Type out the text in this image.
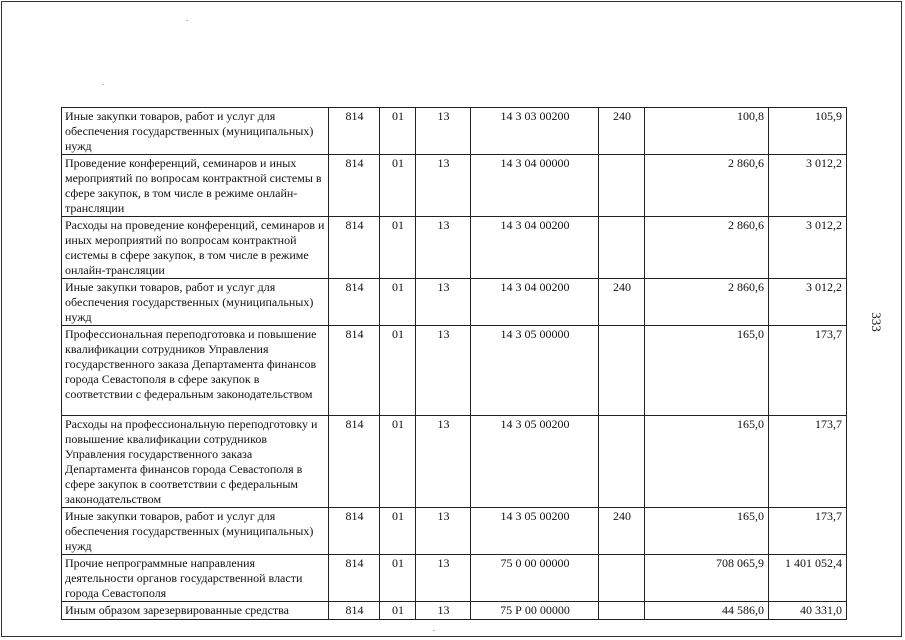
Иные закупки товаров, работ и услуг для обеспечения государственных (муниципальных) нужд	814	01	13	14 3 03 00200	240	100,8	105,9
Проведение конференций, семинаров и иных мероприятий по вопросам контрактной системы в сфере закупок, в том числе в режиме онлайн-трансляции	814	01	13	14 3 04 00000		2 860,6	3 012,2
Расходы на проведение конференций, семинаров и иных мероприятий по вопросам контрактной системы в сфере закупок, в том числе в режиме онлайн-трансляции	814	01	13	14 3 04 00200		2 860,6	3 012,2
Иные закупки товаров, работ и услуг для обеспечения государственных (муниципальных) нужд	814	01	13	14 3 04 00200	240	2 860,6	3 012,2
Профессиональная переподготовка и повышение квалификации сотрудников Управления государственного заказа Департамента финансов города Севастополя в сфере закупок в соответствии с федеральным законодательством	814	01	13	14 3 05 00000		165,0	173,7
Расходы на профессиональную переподготовку и повышение квалификации сотрудников Управления государственного заказа Департамента финансов города Севастополя в сфере закупок в соответствии с федеральным законодательством	814	01	13	14 3 05 00200		165,0	173,7
Иные закупки товаров, работ и услуг для обеспечения государственных (муниципальных) нужд	814	01	13	14 3 05 00200	240	165,0	173,7
Прочие непрограммные направления деятельности органов государственной власти города Севастополя	814	01	13	75 0 00 00000		708 065,9	1 401 052,4
Иным образом зарезервированные средства	814	01	13	75 Р 00 00000		44 586,0	40 331,0
333
